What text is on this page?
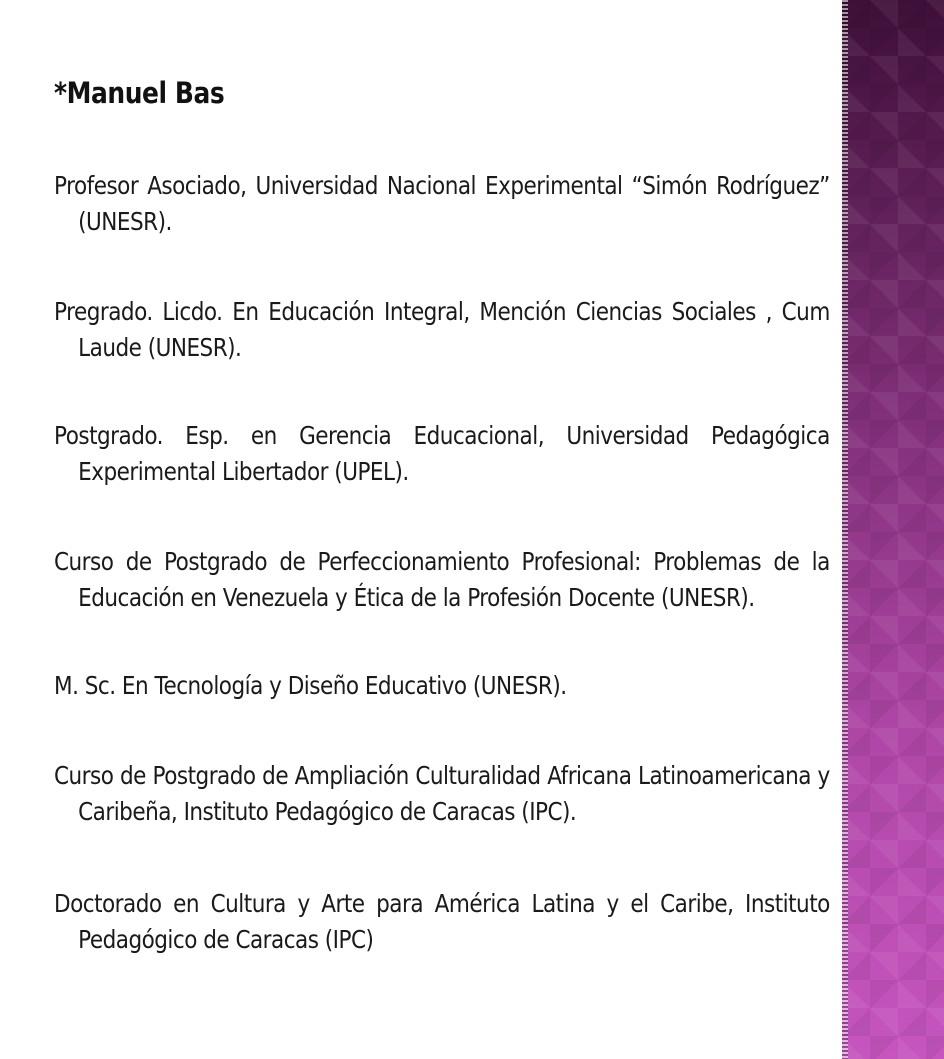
*Manuel Bas
Profesor Asociado, Universidad Nacional Experimental “Simón Rodríguez” (UNESR).
Pregrado. Licdo. En Educación Integral, Mención Ciencias Sociales , Cum Laude (UNESR).
Postgrado. Esp. en Gerencia Educacional, Universidad Pedagógica Experimental Libertador (UPEL).
Curso de Postgrado de Perfeccionamiento Profesional: Problemas de la Educación en Venezuela y Ética de la Profesión Docente (UNESR).
M. Sc. En Tecnología y Diseño Educativo (UNESR).
Curso de Postgrado de Ampliación Culturalidad Africana Latinoamericana y Caribeña, Instituto Pedagógico de Caracas (IPC).
Doctorado en Cultura y Arte para América Latina y el Caribe, Instituto Pedagógico de Caracas (IPC)
